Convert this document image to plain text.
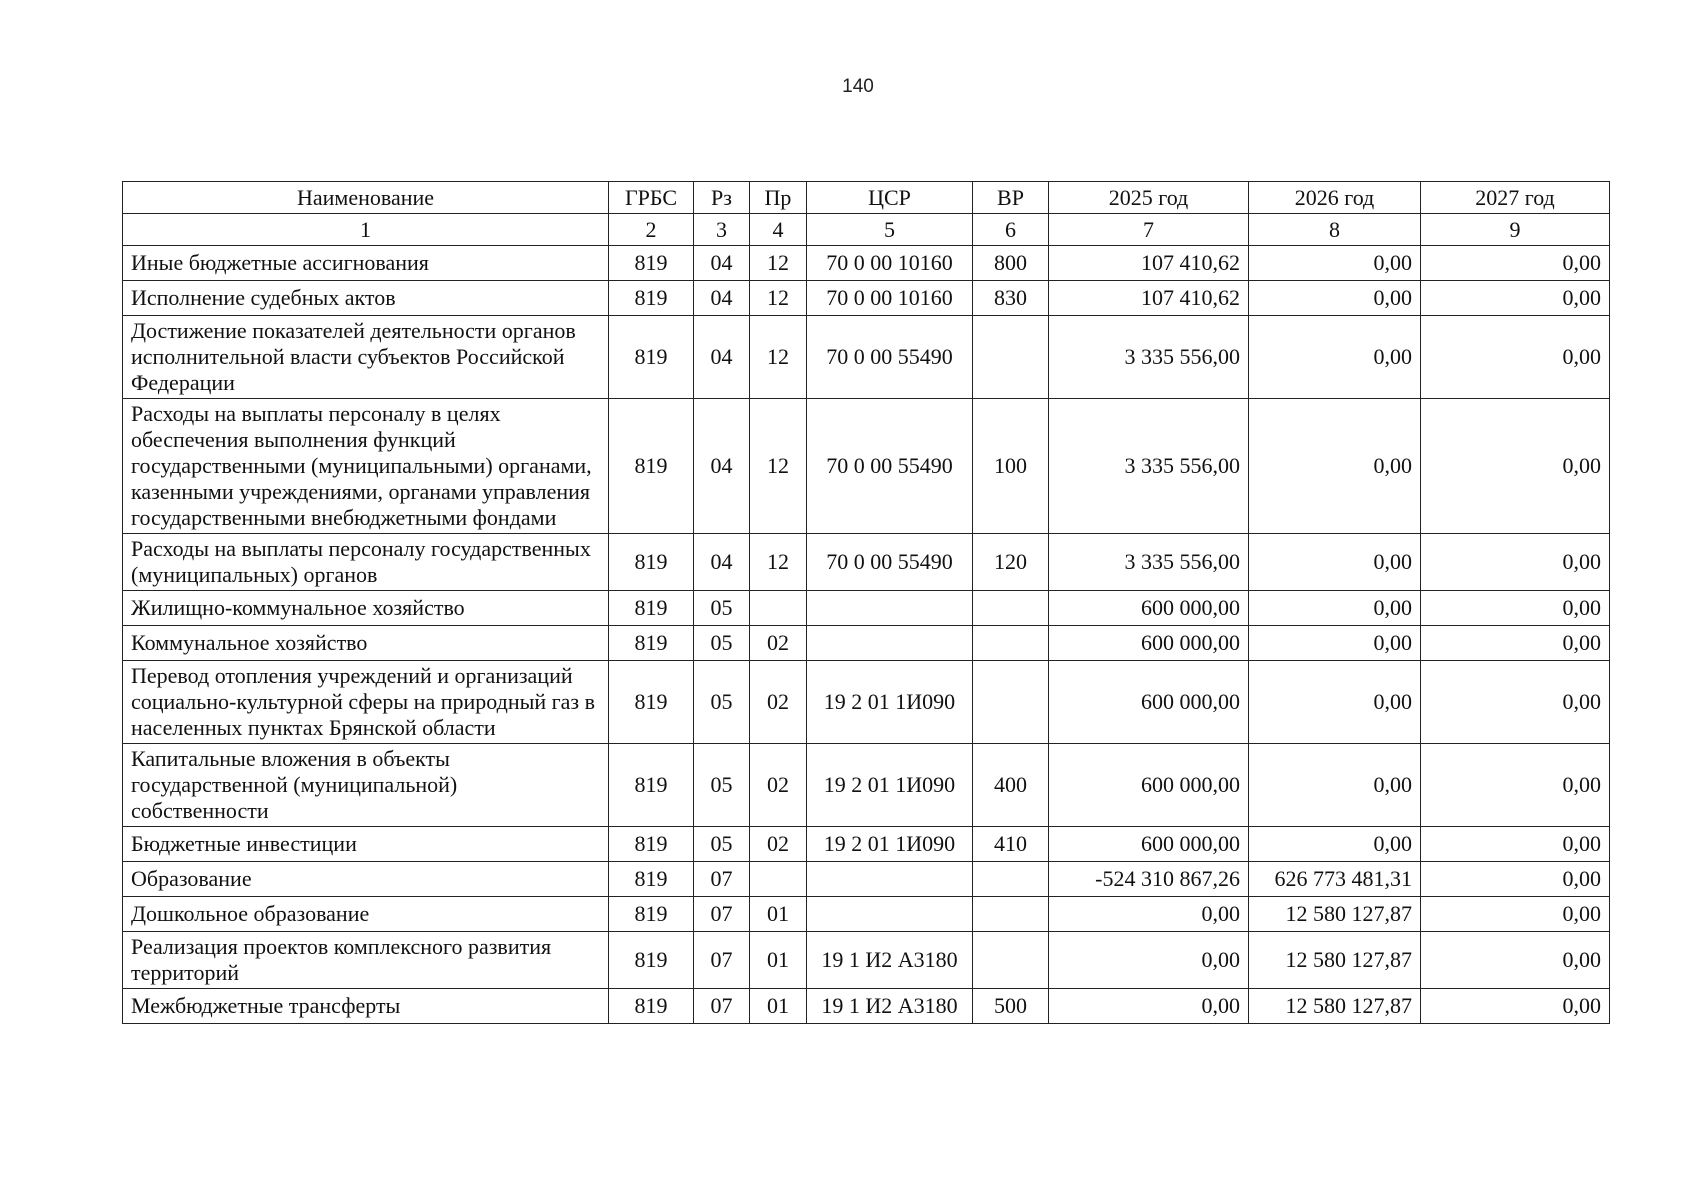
140
Наименование	ГРБС	Рз	Пр	ЦСР	ВР	2025 год	2026 год	2027 год
1	2	3	4	5	6	7	8	9
Иные бюджетные ассигнования	819	04	12	70 0 00 10160	800	107 410,62	0,00	0,00
Исполнение судебных актов	819	04	12	70 0 00 10160	830	107 410,62	0,00	0,00
Достижение показателей деятельности органов исполнительной власти субъектов Российской Федерации	819	04	12	70 0 00 55490		3 335 556,00	0,00	0,00
Расходы на выплаты персоналу в целях обеспечения выполнения функций государственными (муниципальными) органами, казенными учреждениями, органами управления государственными внебюджетными фондами	819	04	12	70 0 00 55490	100	3 335 556,00	0,00	0,00
Расходы на выплаты персоналу государственных (муниципальных) органов	819	04	12	70 0 00 55490	120	3 335 556,00	0,00	0,00
Жилищно-коммунальное хозяйство	819	05				600 000,00	0,00	0,00
Коммунальное хозяйство	819	05	02			600 000,00	0,00	0,00
Перевод отопления учреждений и организаций социально-культурной сферы на природный газ в населенных пунктах Брянской области	819	05	02	19 2 01 1И090		600 000,00	0,00	0,00
Капитальные вложения в объекты государственной (муниципальной) собственности	819	05	02	19 2 01 1И090	400	600 000,00	0,00	0,00
Бюджетные инвестиции	819	05	02	19 2 01 1И090	410	600 000,00	0,00	0,00
Образование	819	07				-524 310 867,26	626 773 481,31	0,00
Дошкольное образование	819	07	01			0,00	12 580 127,87	0,00
Реализация проектов комплексного развития территорий	819	07	01	19 1 И2 А3180		0,00	12 580 127,87	0,00
Межбюджетные трансферты	819	07	01	19 1 И2 А3180	500	0,00	12 580 127,87	0,00
